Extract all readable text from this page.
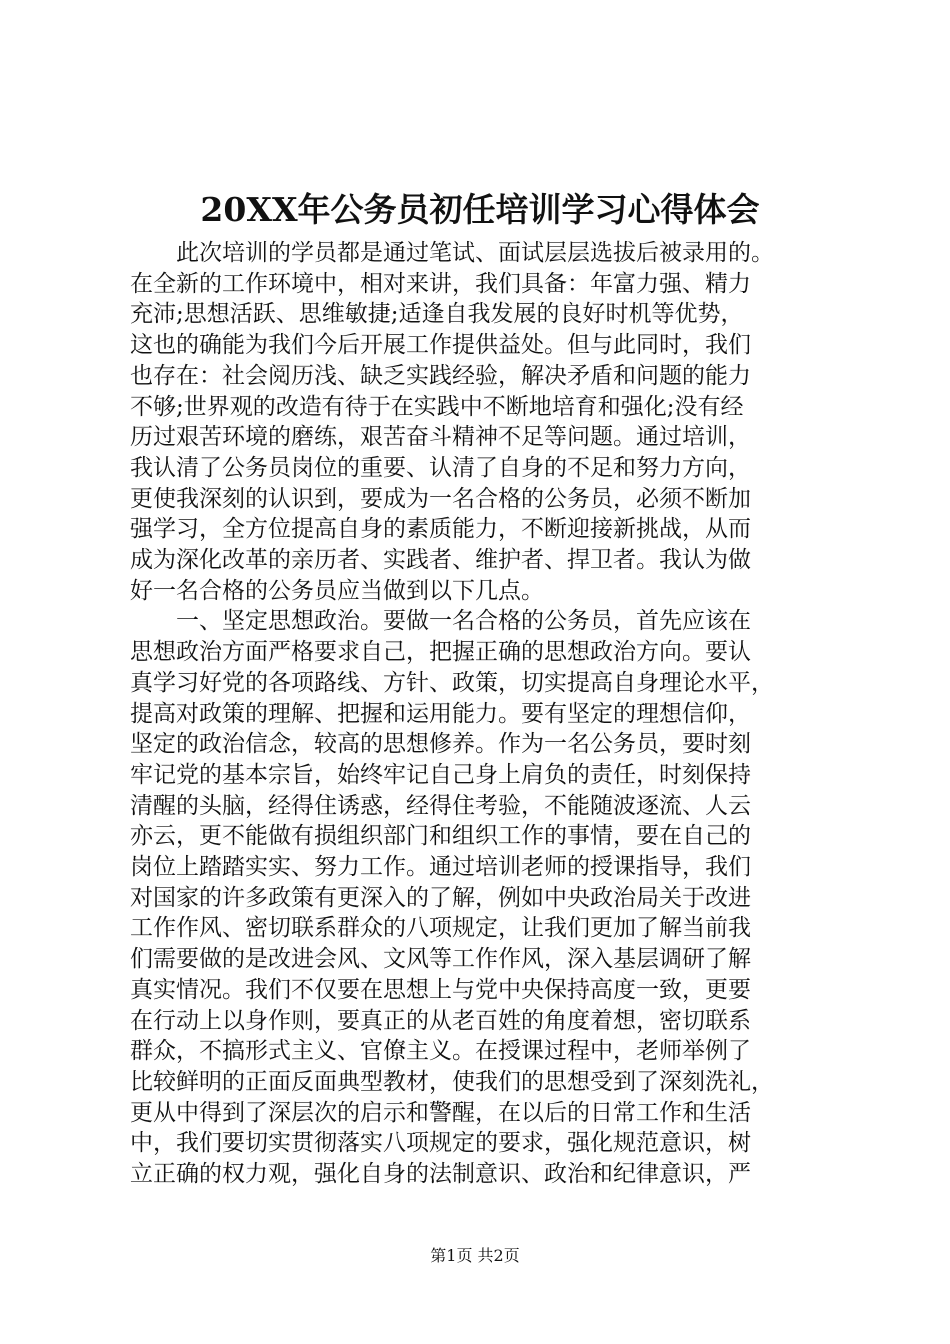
20XX年公务员初任培训学习心得体会

　　此次培训的学员都是通过笔试、面试层层选拔后被录用的。
在全新的工作环境中，相对来讲，我们具备：年富力强、精力
充沛;思想活跃、思维敏捷;适逢自我发展的良好时机等优势，
这也的确能为我们今后开展工作提供益处。但与此同时，我们
也存在：社会阅历浅、缺乏实践经验，解决矛盾和问题的能力
不够;世界观的改造有待于在实践中不断地培育和强化;没有经
历过艰苦环境的磨练，艰苦奋斗精神不足等问题。通过培训，
我认清了公务员岗位的重要、认清了自身的不足和努力方向，
更使我深刻的认识到，要成为一名合格的公务员，必须不断加
强学习，全方位提高自身的素质能力，不断迎接新挑战，从而
成为深化改革的亲历者、实践者、维护者、捍卫者。我认为做
好一名合格的公务员应当做到以下几点。

　　一、坚定思想政治。要做一名合格的公务员，首先应该在
思想政治方面严格要求自己，把握正确的思想政治方向。要认
真学习好党的各项路线、方针、政策，切实提高自身理论水平，
提高对政策的理解、把握和运用能力。要有坚定的理想信仰，
坚定的政治信念，较高的思想修养。作为一名公务员，要时刻
牢记党的基本宗旨，始终牢记自己身上肩负的责任，时刻保持
清醒的头脑，经得住诱惑，经得住考验，不能随波逐流、人云
亦云，更不能做有损组织部门和组织工作的事情，要在自己的
岗位上踏踏实实、努力工作。通过培训老师的授课指导，我们
对国家的许多政策有更深入的了解，例如中央政治局关于改进
工作作风、密切联系群众的八项规定，让我们更加了解当前我
们需要做的是改进会风、文风等工作作风，深入基层调研了解
真实情况。我们不仅要在思想上与党中央保持高度一致，更要
在行动上以身作则，要真正的从老百姓的角度着想，密切联系
群众，不搞形式主义、官僚主义。在授课过程中，老师举例了
比较鲜明的正面反面典型教材，使我们的思想受到了深刻洗礼，
更从中得到了深层次的启示和警醒，在以后的日常工作和生活
中，我们要切实贯彻落实八项规定的要求，强化规范意识，树
立正确的权力观，强化自身的法制意识、政治和纪律意识，严

第1页 共2页
